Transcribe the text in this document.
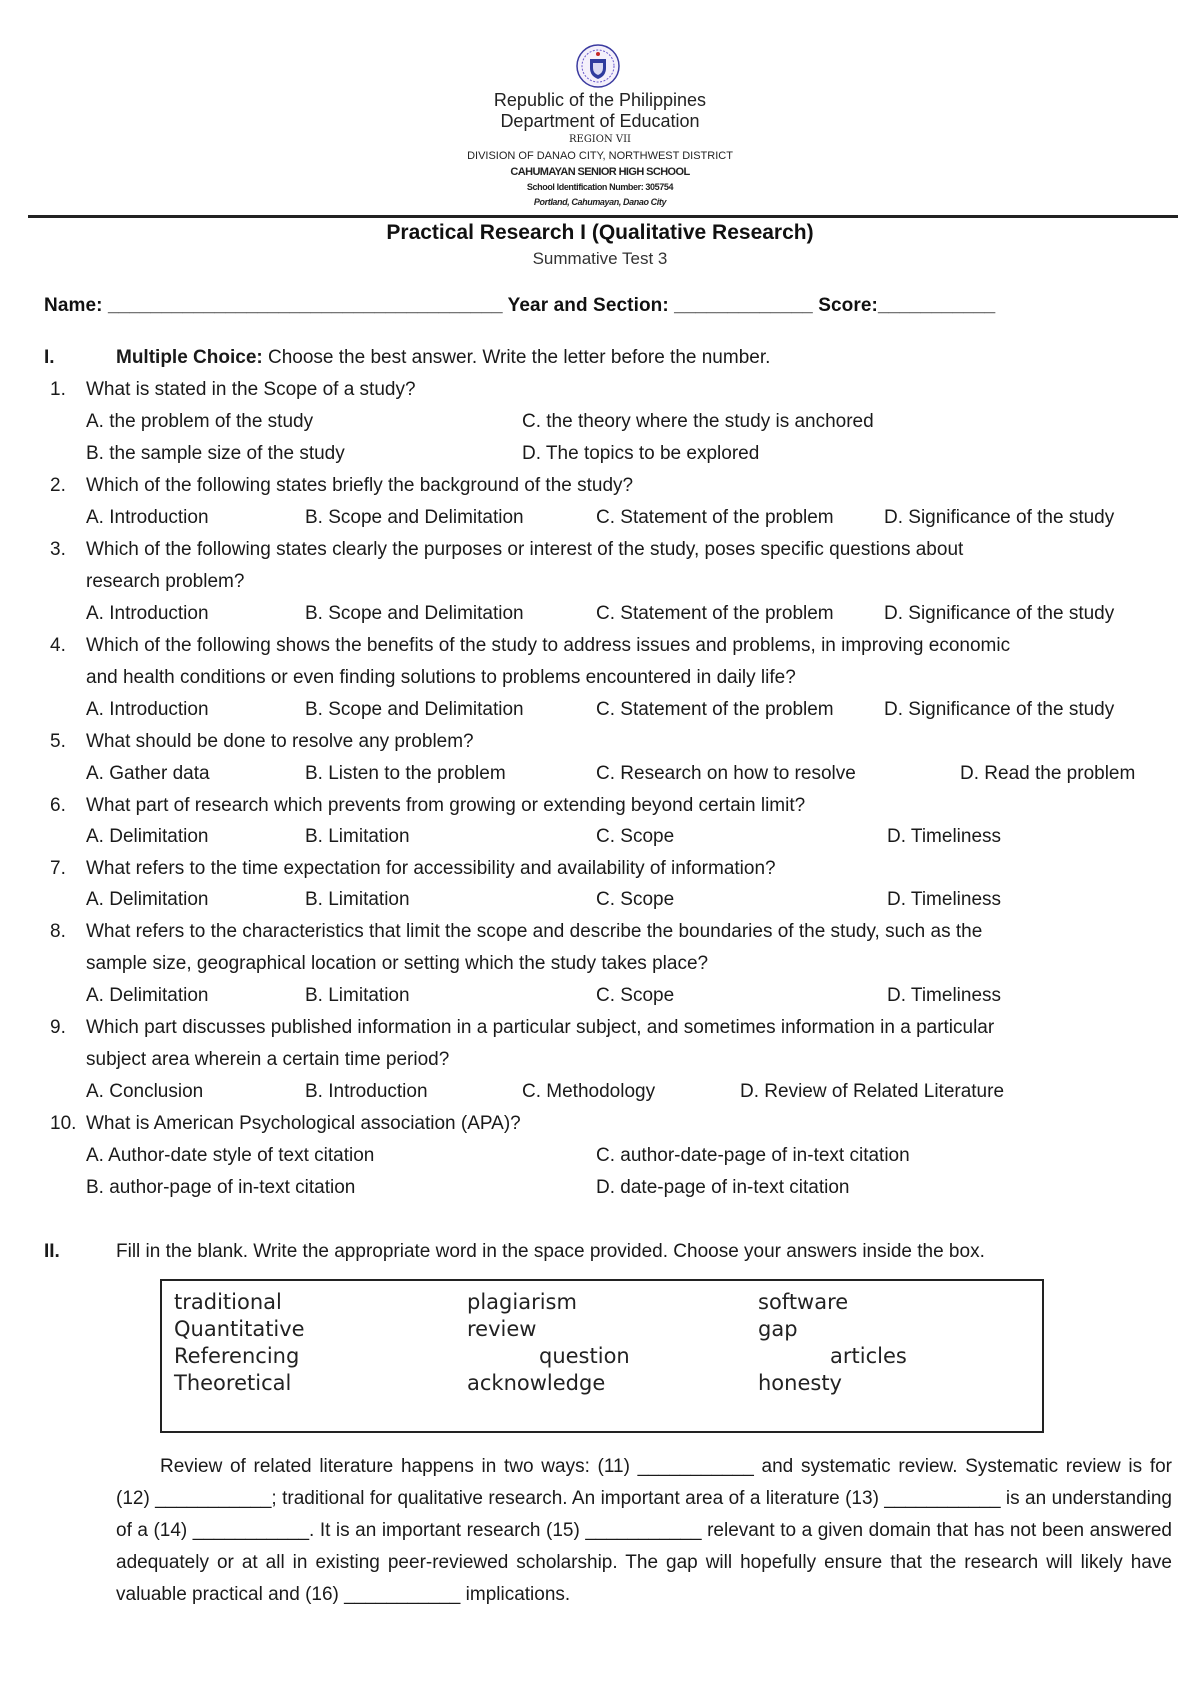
Republic of the Philippines
Department of Education
REGION VII
DIVISION OF DANAO CITY, NORTHWEST DISTRICT
CAHUMAYAN SENIOR HIGH SCHOOL
School Identification Number: 305754
Portland, Cahumayan, Danao City
Practical Research I (Qualitative Research)
Summative Test 3
Name: _____________________________________ Year and Section: _____________ Score:___________
I.	Multiple Choice: Choose the best answer. Write the letter before the number.
1. What is stated in the Scope of a study?
A. the problem of the study	C. the theory where the study is anchored
B. the sample size of the study	D. The topics to be explored
2. Which of the following states briefly the background of the study?
A. Introduction	B. Scope and Delimitation	C. Statement of the problem	D. Significance of the study
3. Which of the following states clearly the purposes or interest of the study, poses specific questions about
research problem?
A. Introduction	B. Scope and Delimitation	C. Statement of the problem	D. Significance of the study
4. Which of the following shows the benefits of the study to address issues and problems, in improving economic
and health conditions or even finding solutions to problems encountered in daily life?
A. Introduction	B. Scope and Delimitation	C. Statement of the problem	D. Significance of the study
5. What should be done to resolve any problem?
A. Gather data	B. Listen to the problem	C. Research on how to resolve	D. Read the problem
6. What part of research which prevents from growing or extending beyond certain limit?
A. Delimitation	B. Limitation	C. Scope	D. Timeliness
7. What refers to the time expectation for accessibility and availability of information?
A. Delimitation	B. Limitation	C. Scope	D. Timeliness
8. What refers to the characteristics that limit the scope and describe the boundaries of the study, such as the
sample size, geographical location or setting which the study takes place?
A. Delimitation	B. Limitation	C. Scope	D. Timeliness
9. Which part discusses published information in a particular subject, and sometimes information in a particular
subject area wherein a certain time period?
A. Conclusion	B. Introduction	C. Methodology	D. Review of Related Literature
10. What is American Psychological association (APA)?
A. Author-date style of text citation	C. author-date-page of in-text citation
B. author-page of in-text citation	D. date-page of in-text citation
II.	Fill in the blank. Write the appropriate word in the space provided. Choose your answers inside the box.
traditional	plagiarism	software
Quantitative	review	gap
Referencing	question	articles
Theoretical	acknowledge	honesty
Review of related literature happens in two ways: (11) ___________ and systematic review. Systematic review is for (12) ___________; traditional for qualitative research. An important area of a literature (13) ___________ is an understanding of a (14) ___________. It is an important research (15) ___________ relevant to a given domain that has not been answered adequately or at all in existing peer-reviewed scholarship. The gap will hopefully ensure that the research will likely have valuable practical and (16) ___________ implications.
